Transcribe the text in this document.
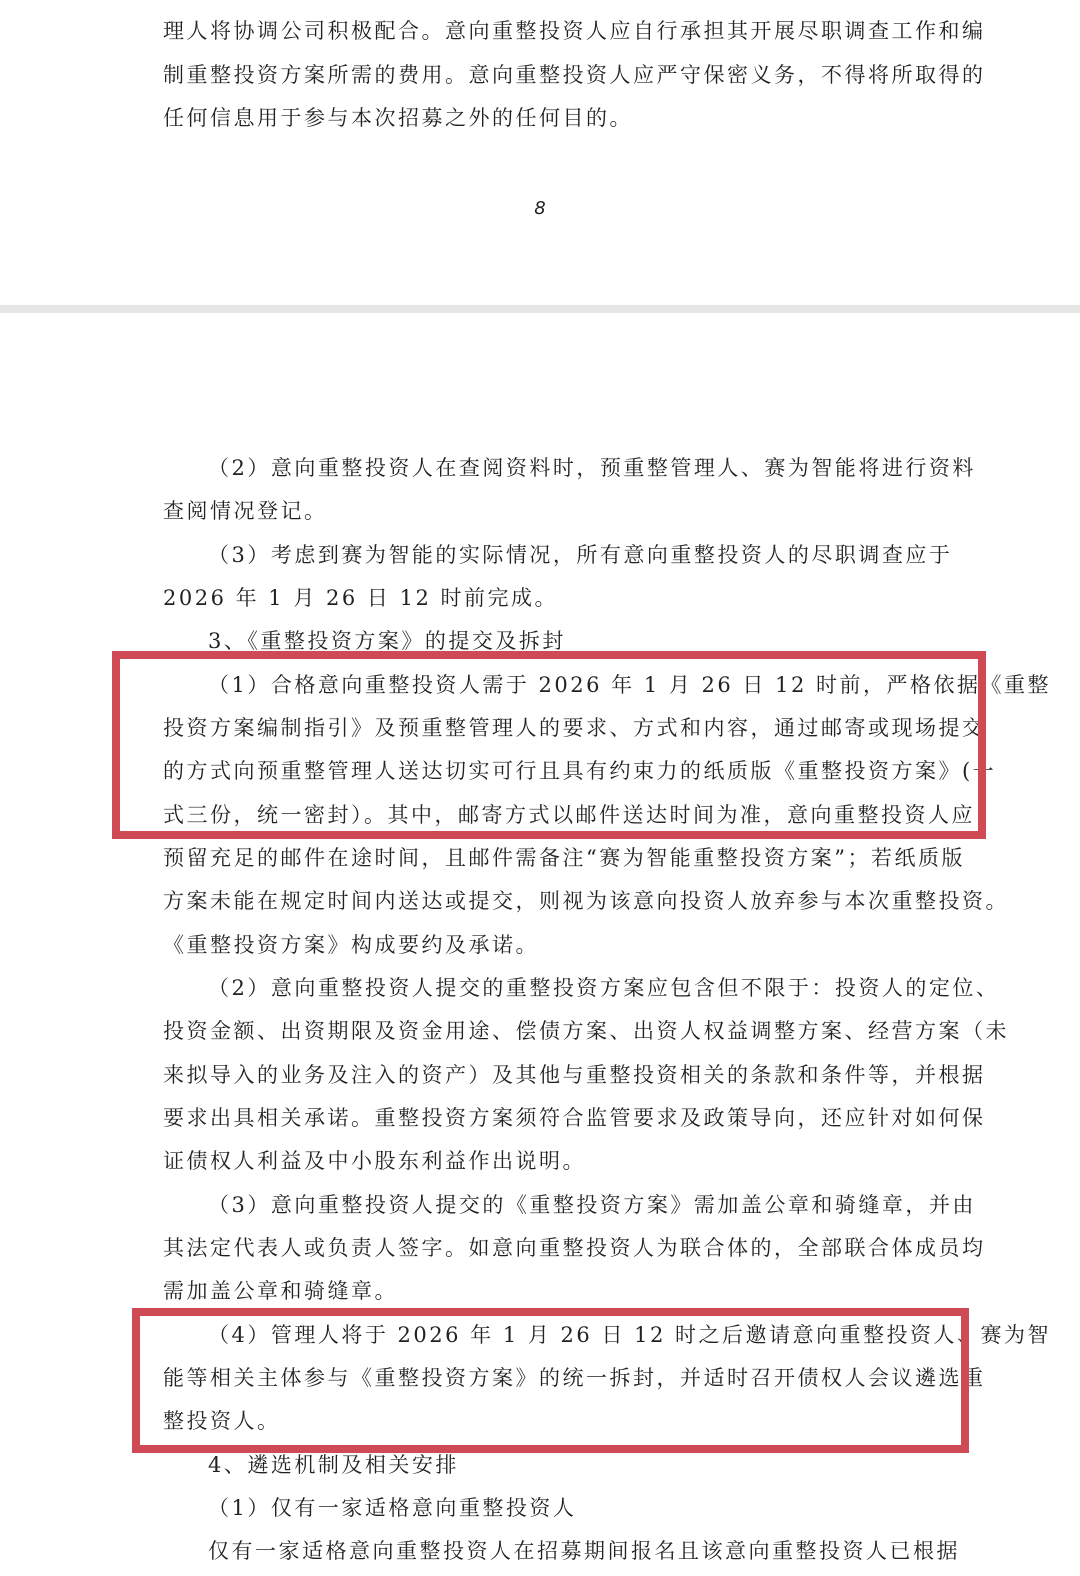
理人将协调公司积极配合。意向重整投资人应自行承担其开展尽职调查工作和编

制重整投资方案所需的费用。意向重整投资人应严守保密义务，不得将所取得的

任何信息用于参与本次招募之外的任何目的。

8

（2）意向重整投资人在查阅资料时，预重整管理人、赛为智能将进行资料

查阅情况登记。

（3）考虑到赛为智能的实际情况，所有意向重整投资人的尽职调查应于

2026 年 1 月 26 日 12 时前完成。

3、《重整投资方案》的提交及拆封

（1）合格意向重整投资人需于 2026 年 1 月 26 日 12 时前，严格依据《重整

投资方案编制指引》及预重整管理人的要求、方式和内容，通过邮寄或现场提交

的方式向预重整管理人送达切实可行且具有约束力的纸质版《重整投资方案》(一

式三份，统一密封）。其中，邮寄方式以邮件送达时间为准，意向重整投资人应

预留充足的邮件在途时间，且邮件需备注“赛为智能重整投资方案”；若纸质版

方案未能在规定时间内送达或提交，则视为该意向投资人放弃参与本次重整投资。

《重整投资方案》构成要约及承诺。

（2）意向重整投资人提交的重整投资方案应包含但不限于：投资人的定位、

投资金额、出资期限及资金用途、偿债方案、出资人权益调整方案、经营方案（未

来拟导入的业务及注入的资产）及其他与重整投资相关的条款和条件等，并根据

要求出具相关承诺。重整投资方案须符合监管要求及政策导向，还应针对如何保

证债权人利益及中小股东利益作出说明。

（3）意向重整投资人提交的《重整投资方案》需加盖公章和骑缝章，并由

其法定代表人或负责人签字。如意向重整投资人为联合体的，全部联合体成员均

需加盖公章和骑缝章。

（4）管理人将于 2026 年 1 月 26 日 12 时之后邀请意向重整投资人、赛为智

能等相关主体参与《重整投资方案》的统一拆封，并适时召开债权人会议遴选重

整投资人。

4、遴选机制及相关安排

（1）仅有一家适格意向重整投资人

仅有一家适格意向重整投资人在招募期间报名且该意向重整投资人已根据
